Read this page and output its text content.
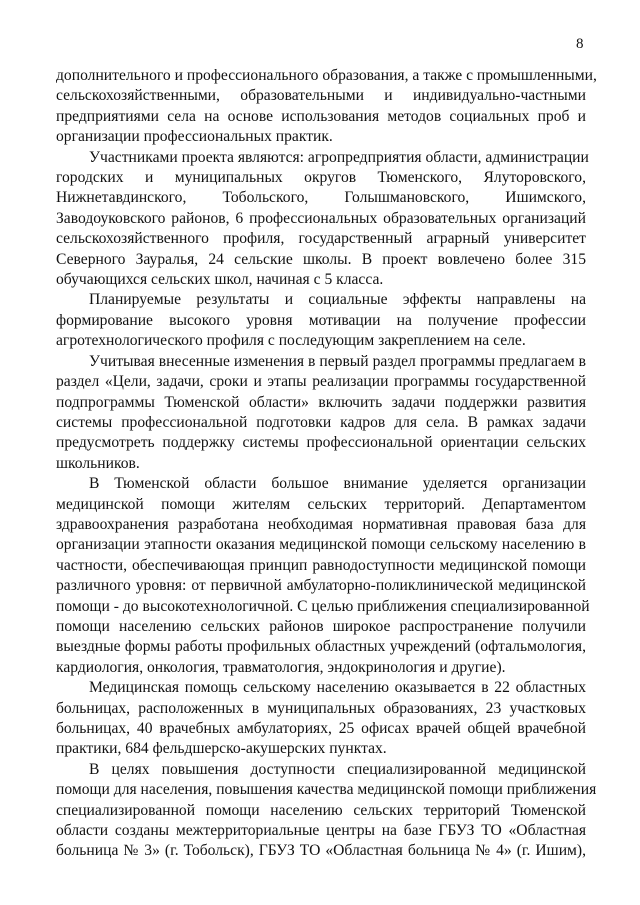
8

дополнительного и профессионального образования, а также с промышленными,
сельскохозяйственными, образовательными и индивидуально-частными
предприятиями села на основе использования методов социальных проб и
организации профессиональных практик.

Участниками проекта являются: агропредприятия области, администрации
городских и муниципальных округов Тюменского, Ялуторовского,
Нижнетавдинского, Тобольского, Голышмановского, Ишимского,
Заводоуковского районов, 6 профессиональных образовательных организаций
сельскохозяйственного профиля, государственный аграрный университет
Северного Зауралья, 24 сельские школы. В проект вовлечено более 315
обучающихся сельских школ, начиная с 5 класса.

Планируемые результаты и социальные эффекты направлены на
формирование высокого уровня мотивации на получение профессии
агротехнологического профиля с последующим закреплением на селе.

Учитывая внесенные изменения в первый раздел программы предлагаем в
раздел «Цели, задачи, сроки и этапы реализации программы государственной
подпрограммы Тюменской области» включить задачи поддержки развития
системы профессиональной подготовки кадров для села. В рамках задачи
предусмотреть поддержку системы профессиональной ориентации сельских
школьников.

В Тюменской области большое внимание уделяется организации
медицинской помощи жителям сельских территорий. Департаментом
здравоохранения разработана необходимая нормативная правовая база для
организации этапности оказания медицинской помощи сельскому населению в
частности, обеспечивающая принцип равнодоступности медицинской помощи
различного уровня: от первичной амбулаторно-поликлинической медицинской
помощи - до высокотехнологичной. С целью приближения специализированной
помощи населению сельских районов широкое распространение получили
выездные формы работы профильных областных учреждений (офтальмология,
кардиология, онкология, травматология, эндокринология и другие).

Медицинская помощь сельскому населению оказывается в 22 областных
больницах, расположенных в муниципальных образованиях, 23 участковых
больницах, 40 врачебных амбулаториях, 25 офисах врачей общей врачебной
практики, 684 фельдшерско-акушерских пунктах.

В целях повышения доступности специализированной медицинской
помощи для населения, повышения качества медицинской помощи приближения
специализированной помощи населению сельских территорий Тюменской
области созданы межтерриториальные центры на базе ГБУЗ ТО «Областная
больница № 3» (г. Тобольск), ГБУЗ ТО «Областная больница № 4» (г. Ишим),
